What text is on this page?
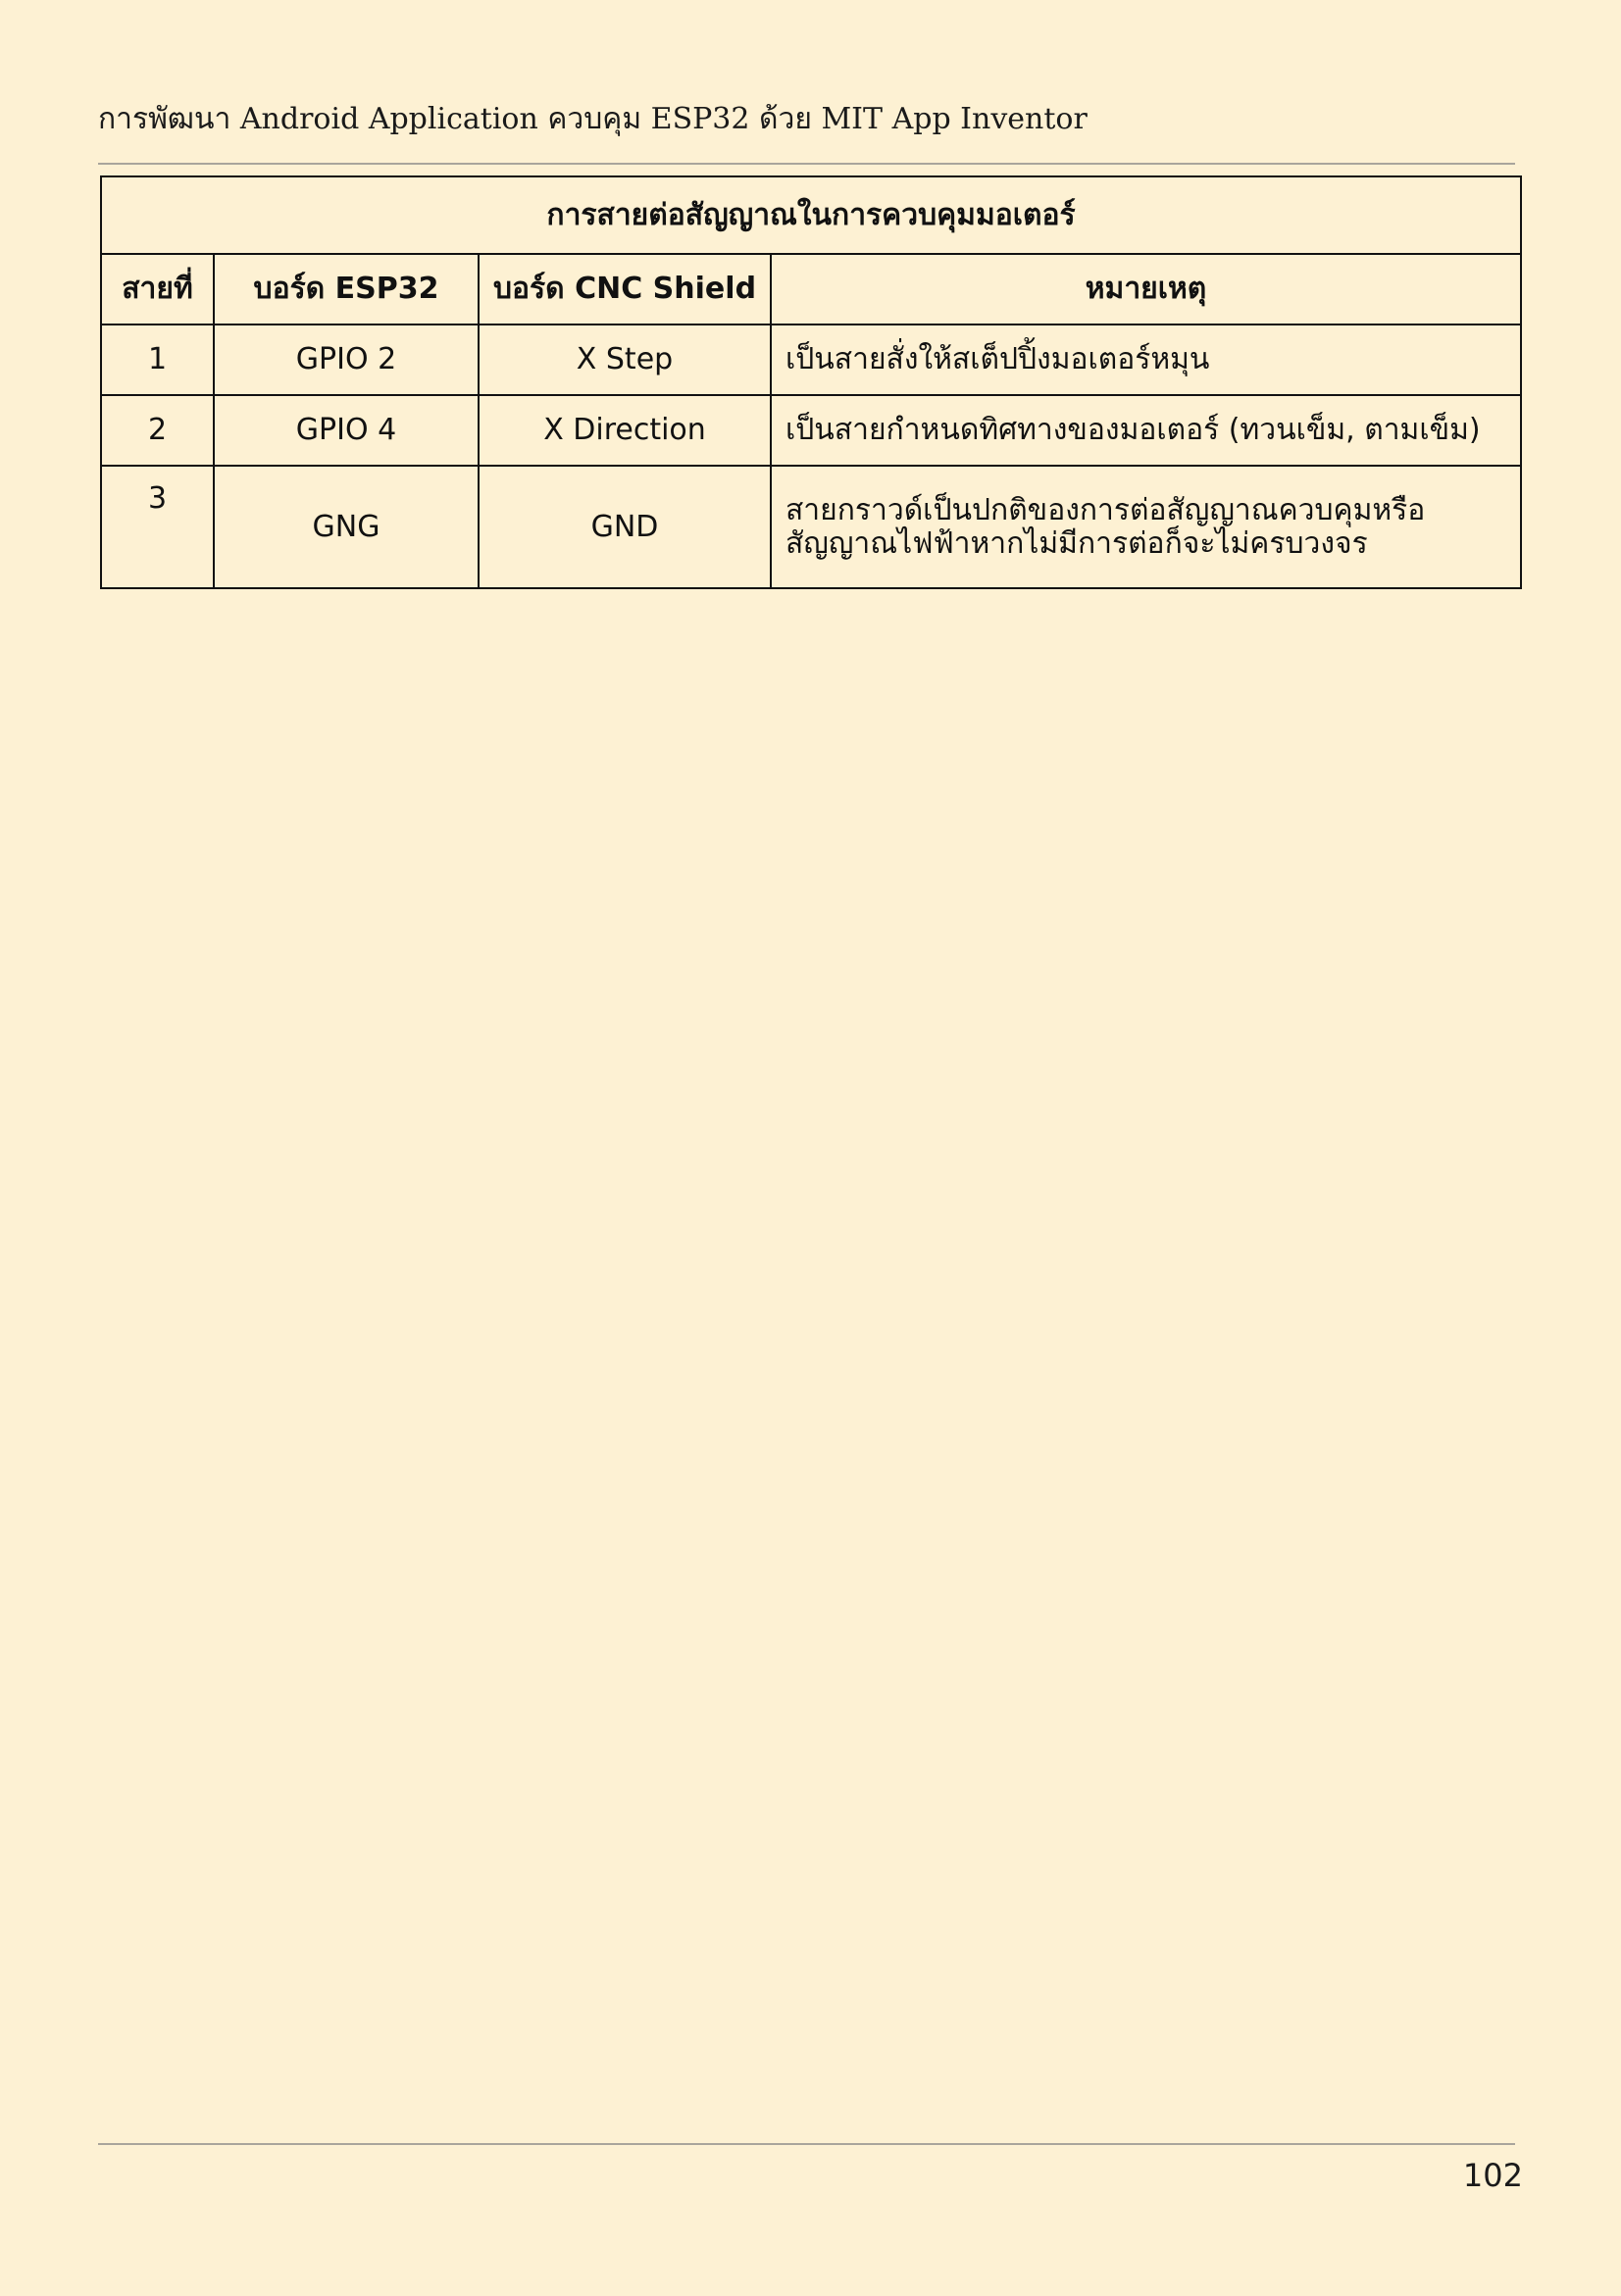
การพัฒนา Android Application ควบคุม ESP32 ด้วย MIT App Inventor
การสายต่อสัญญาณในการควบคุมมอเตอร์			
สายที่	บอร์ด ESP32	บอร์ด CNC Shield	หมายเหตุ
1	GPIO 2	X Step	เป็นสายสั่งให้สเต็ปปิ้งมอเตอร์หมุน
2	GPIO 4	X Direction	เป็นสายกำหนดทิศทางของมอเตอร์ (ทวนเข็ม, ตามเข็ม)
3	GNG	GND	สายกราวด์เป็นปกติของการต่อสัญญาณควบคุมหรือสัญญาณไฟฟ้าหากไม่มีการต่อก็จะไม่ครบวงจร
102
